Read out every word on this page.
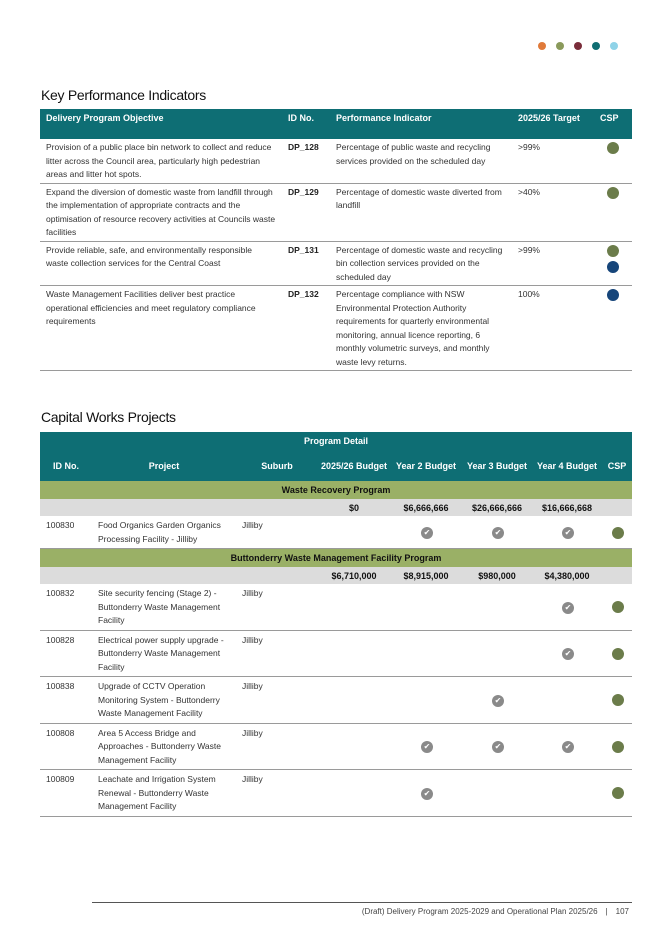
Key Performance Indicators
Delivery Program Objective	ID No.	Performance Indicator	2025/26 Target	CSP
Provision of a public place bin network to collect and reduce litter across the Council area, particularly high pedestrian areas and litter hot spots.	DP_128	Percentage of public waste and recycling services provided on the scheduled day	>99%	

Expand the diversion of domestic waste from landfill through the implementation of appropriate contracts and the optimisation of resource recovery activities at Councils waste facilities	DP_129	Percentage of domestic waste diverted from landfill	>40%	

Provide reliable, safe, and environmentally responsible waste collection services for the Central Coast	DP_131	Percentage of domestic waste and recycling bin collection services provided on the scheduled day	>99%	

Waste Management Facilities deliver best practice operational efficiencies and meet regulatory compliance requirements	DP_132	Percentage compliance with NSW Environmental Protection Authority requirements for quarterly environmental monitoring, annual licence reporting, 6 monthly volumetric surveys, and monthly waste levy returns.	100%	
Capital Works Projects
Program Detail							
ID No.	Project	Suburb	2025/26 Budget	Year 2 Budget	Year 3 Budget	Year 4 Budget	CSP
Waste Recovery Program							
			$0	$6,666,666	$26,666,666	$16,666,668	
100830	Food Organics Garden Organics Processing Facility - Jilliby	Jilliby		✔	✔	✔	

Buttonderry Waste Management Facility Program							
			$6,710,000	$8,915,000	$980,000	$4,380,000	
100832	Site security fencing (Stage 2) - Buttonderry Waste Management Facility	Jilliby				✔	

100828	Electrical power supply upgrade - Buttonderry Waste Management Facility	Jilliby				✔	

100838	Upgrade of CCTV Operation Monitoring System - Buttonderry Waste Management Facility	Jilliby			✔		

100808	Area 5 Access Bridge and Approaches - Buttonderry Waste Management Facility	Jilliby		✔	✔	✔	

100809	Leachate and Irrigation System Renewal - Buttonderry Waste Management Facility	Jilliby		✔			
(Draft) Delivery Program 2025-2029 and Operational Plan 2025/26 | 107
